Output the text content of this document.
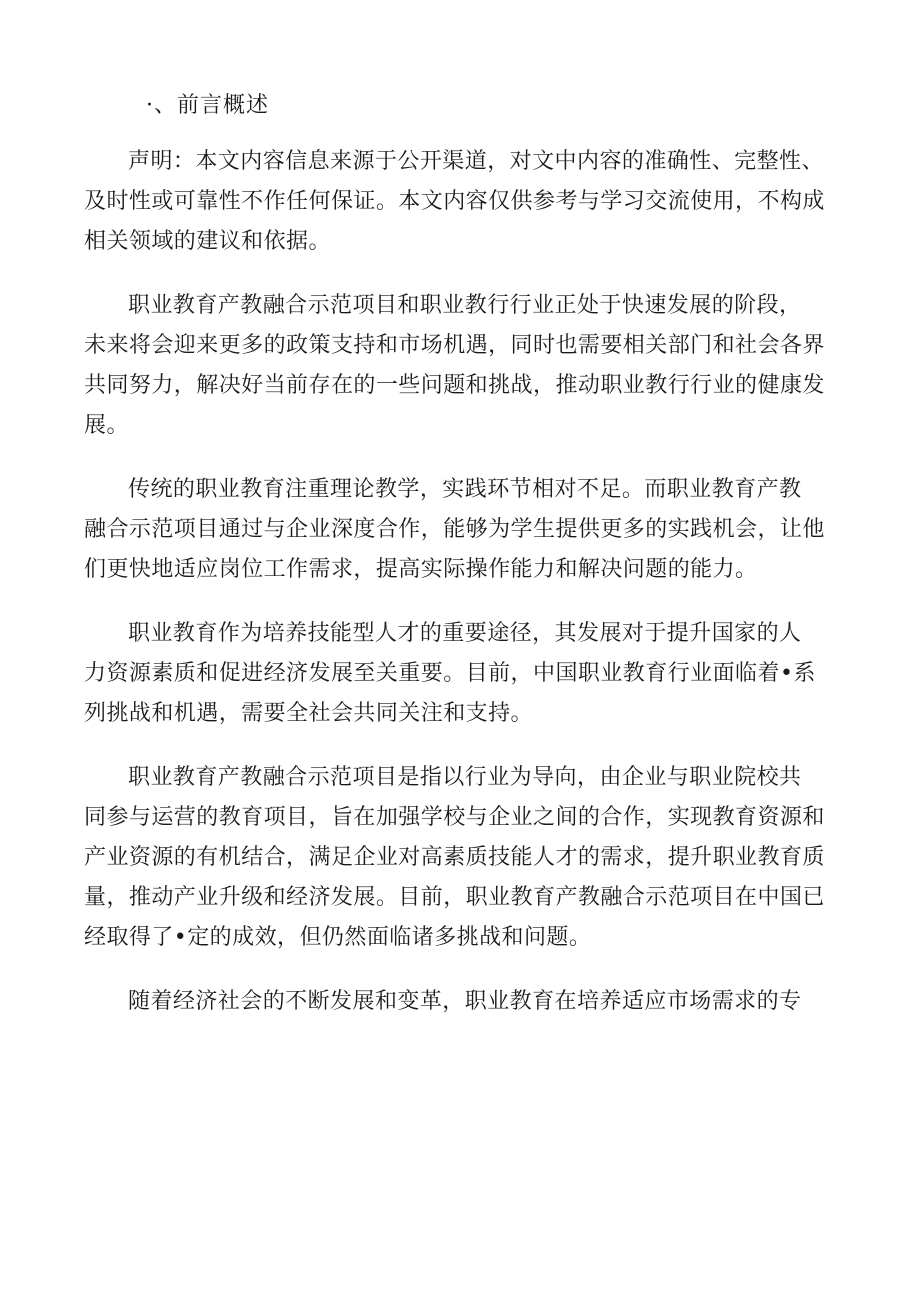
·、前言概述
声明：本文内容信息来源于公开渠道，对文中内容的准确性、完整性、
及时性或可靠性不作任何保证。本文内容仅供参考与学习交流使用，不构成
相关领域的建议和依据。
职业教育产教融合示范项目和职业教行行业正处于快速发展的阶段，
未来将会迎来更多的政策支持和市场机遇，同时也需要相关部门和社会各界
共同努力，解决好当前存在的一些问题和挑战，推动职业教行行业的健康发
展。
传统的职业教育注重理论教学，实践环节相对不足。而职业教育产教
融合示范项目通过与企业深度合作，能够为学生提供更多的实践机会，让他
们更快地适应岗位工作需求，提高实际操作能力和解决问题的能力。
职业教育作为培养技能型人才的重要途径，其发展对于提升国家的人
力资源素质和促进经济发展至关重要。目前，中国职业教育行业面临着•系
列挑战和机遇，需要全社会共同关注和支持。
职业教育产教融合示范项目是指以行业为导向，由企业与职业院校共
同参与运营的教育项目，旨在加强学校与企业之间的合作，实现教育资源和
产业资源的有机结合，满足企业对高素质技能人才的需求，提升职业教育质
量，推动产业升级和经济发展。目前，职业教育产教融合示范项目在中国已
经取得了•定的成效，但仍然面临诸多挑战和问题。
随着经济社会的不断发展和变革，职业教育在培养适应市场需求的专
